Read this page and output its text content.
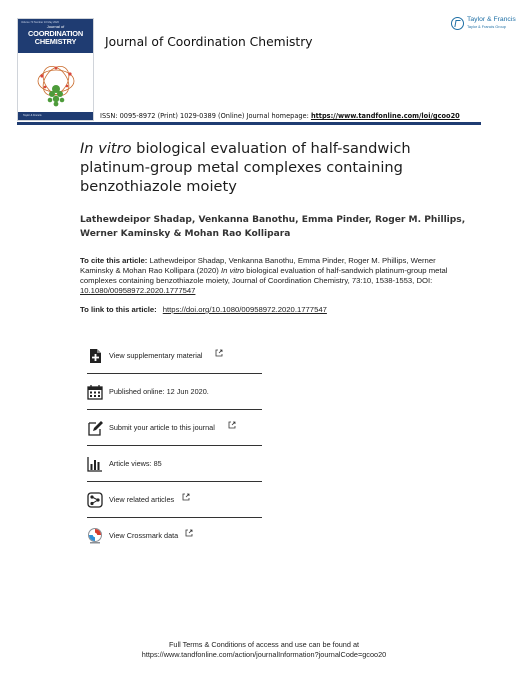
Volume 73 Number 10 May 2020
Journal of
COORDINATION
CHEMISTRY
Taylor & Francis
Journal of Coordination Chemistry
Taylor & Francis
Taylor & Francis Group
ISSN: 0095-8972 (Print) 1029-0389 (Online) Journal homepage: https://www.tandfonline.com/loi/gcoo20
In vitro biological evaluation of half-sandwich platinum-group metal complexes containing benzothiazole moiety
Lathewdeipor Shadap, Venkanna Banothu, Emma Pinder, Roger M. Phillips, Werner Kaminsky & Mohan Rao Kollipara
To cite this article: Lathewdeipor Shadap, Venkanna Banothu, Emma Pinder, Roger M. Phillips, Werner Kaminsky & Mohan Rao Kollipara (2020) In vitro biological evaluation of half-sandwich platinum-group metal complexes containing benzothiazole moiety, Journal of Coordination Chemistry, 73:10, 1538-1553, DOI: 10.1080/00958972.2020.1777547
To link to this article: https://doi.org/10.1080/00958972.2020.1777547
View supplementary material
Published online: 12 Jun 2020.
Submit your article to this journal
Article views: 85
View related articles
View Crossmark data
Full Terms & Conditions of access and use can be found at
https://www.tandfonline.com/action/journalInformation?journalCode=gcoo20
